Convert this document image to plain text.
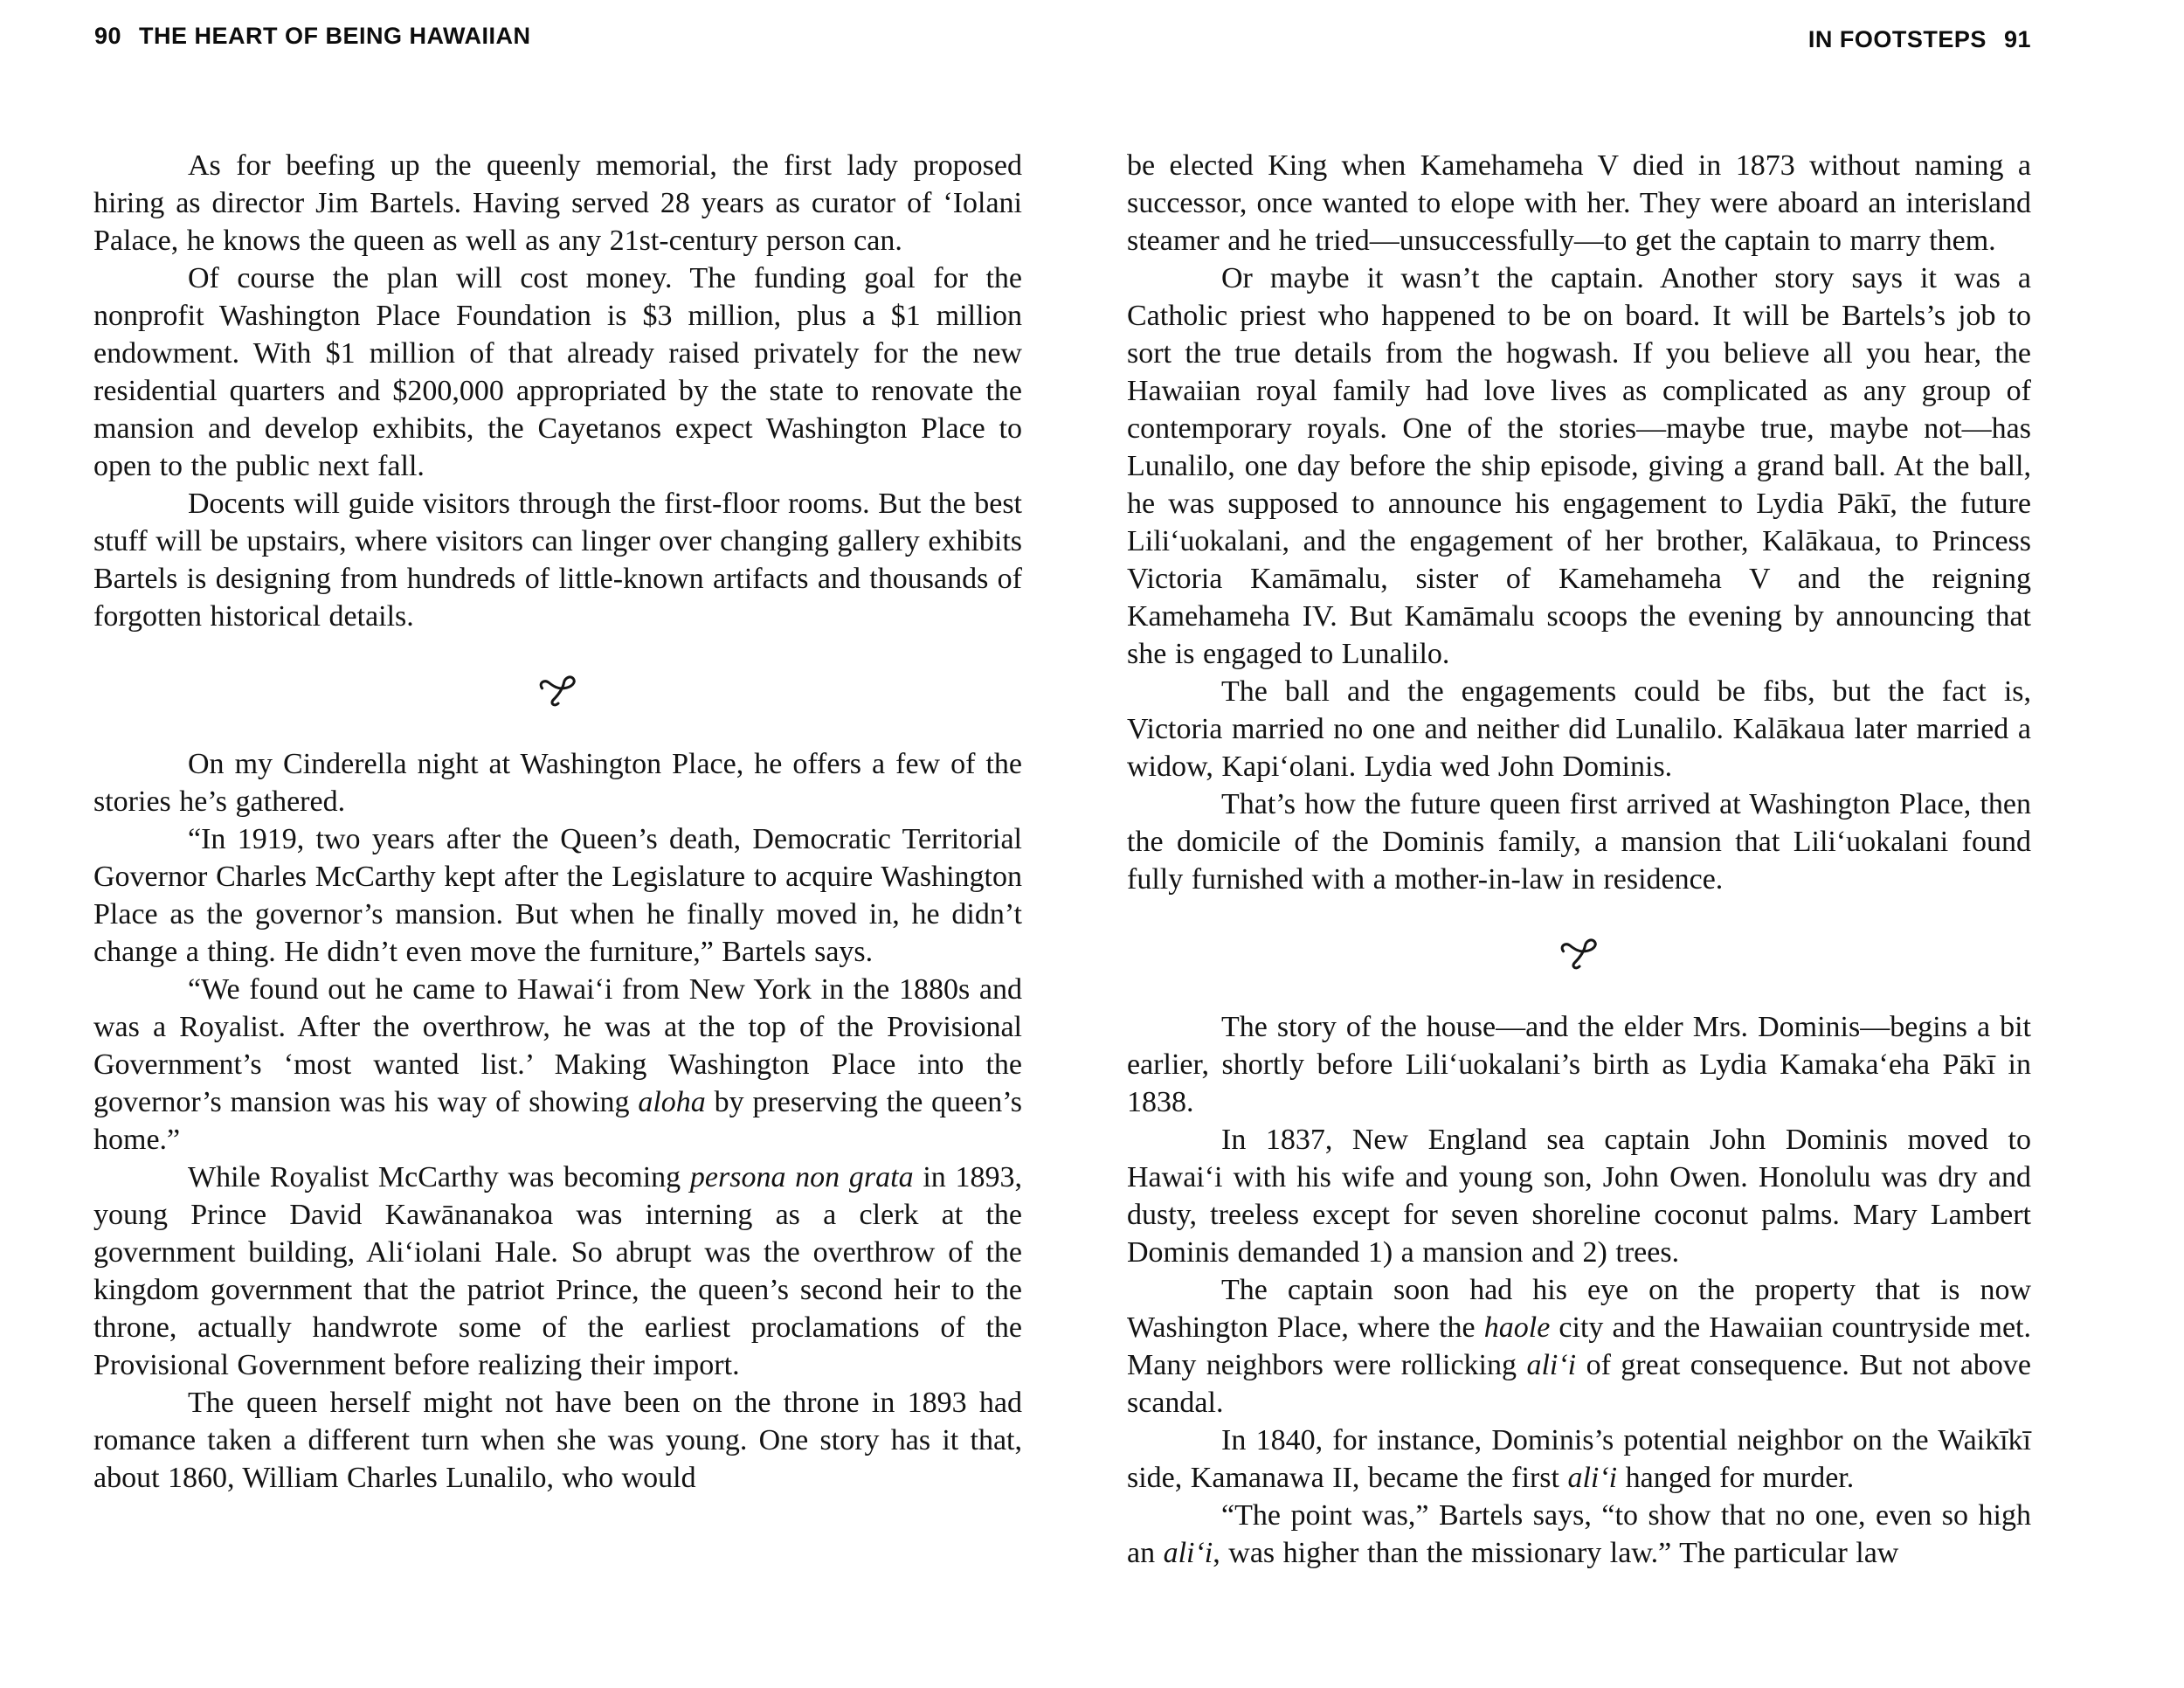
90 THE HEART OF BEING HAWAIIAN	IN FOOTSTEPS 91

As for beefing up the queenly memorial, the first lady proposed hiring as director Jim Bartels. Having served 28 years as curator of ʻIolani Palace, he knows the queen as well as any 21st-century person can.

Of course the plan will cost money. The funding goal for the nonprofit Washington Place Foundation is $3 million, plus a $1 million endowment. With $1 million of that already raised privately for the new residential quarters and $200,000 appropriated by the state to renovate the mansion and develop exhibits, the Cayetanos expect Washington Place to open to the public next fall.

Docents will guide visitors through the first-floor rooms. But the best stuff will be upstairs, where visitors can linger over changing gallery exhibits Bartels is designing from hundreds of little-known artifacts and thousands of forgotten historical details.

On my Cinderella night at Washington Place, he offers a few of the stories he’s gathered.

“In 1919, two years after the Queen’s death, Democratic Territorial Governor Charles McCarthy kept after the Legislature to acquire Washington Place as the governor’s mansion. But when he finally moved in, he didn’t change a thing. He didn’t even move the furniture,” Bartels says.

“We found out he came to Hawaiʻi from New York in the 1880s and was a Royalist. After the overthrow, he was at the top of the Provisional Government’s ‘most wanted list.’ Making Washington Place into the governor’s mansion was his way of showing aloha by preserving the queen’s home.”

While Royalist McCarthy was becoming persona non grata in 1893, young Prince David Kawānanakoa was interning as a clerk at the government building, Aliʻiolani Hale. So abrupt was the overthrow of the kingdom government that the patriot Prince, the queen’s second heir to the throne, actually handwrote some of the earliest proclamations of the Provisional Government before realizing their import.

The queen herself might not have been on the throne in 1893 had romance taken a different turn when she was young. One story has it that, about 1860, William Charles Lunalilo, who would

be elected King when Kamehameha V died in 1873 without naming a successor, once wanted to elope with her. They were aboard an interisland steamer and he tried—unsuccessfully—to get the captain to marry them.

Or maybe it wasn’t the captain. Another story says it was a Catholic priest who happened to be on board. It will be Bartels’s job to sort the true details from the hogwash. If you believe all you hear, the Hawaiian royal family had love lives as complicated as any group of contemporary royals. One of the stories—maybe true, maybe not—has Lunalilo, one day before the ship episode, giving a grand ball. At the ball, he was supposed to announce his engagement to Lydia Pākī, the future Liliʻuokalani, and the engagement of her brother, Kalākaua, to Princess Victoria Kamāmalu, sister of Kamehameha V and the reigning Kamehameha IV. But Kamāmalu scoops the evening by announcing that she is engaged to Lunalilo.

The ball and the engagements could be fibs, but the fact is, Victoria married no one and neither did Lunalilo. Kalākaua later married a widow, Kapiʻolani. Lydia wed John Dominis.

That’s how the future queen first arrived at Washington Place, then the domicile of the Dominis family, a mansion that Liliʻuokalani found fully furnished with a mother-in-law in residence.

The story of the house—and the elder Mrs. Dominis—begins a bit earlier, shortly before Liliʻuokalani’s birth as Lydia Kamakaʻeha Pākī in 1838.

In 1837, New England sea captain John Dominis moved to Hawaiʻi with his wife and young son, John Owen. Honolulu was dry and dusty, treeless except for seven shoreline coconut palms. Mary Lambert Dominis demanded 1) a mansion and 2) trees.

The captain soon had his eye on the property that is now Washington Place, where the haole city and the Hawaiian countryside met. Many neighbors were rollicking aliʻi of great consequence. But not above scandal.

In 1840, for instance, Dominis’s potential neighbor on the Waikīkī side, Kamanawa II, became the first aliʻi hanged for murder.

“The point was,” Bartels says, “to show that no one, even so high an aliʻi, was higher than the missionary law.” The particular law
